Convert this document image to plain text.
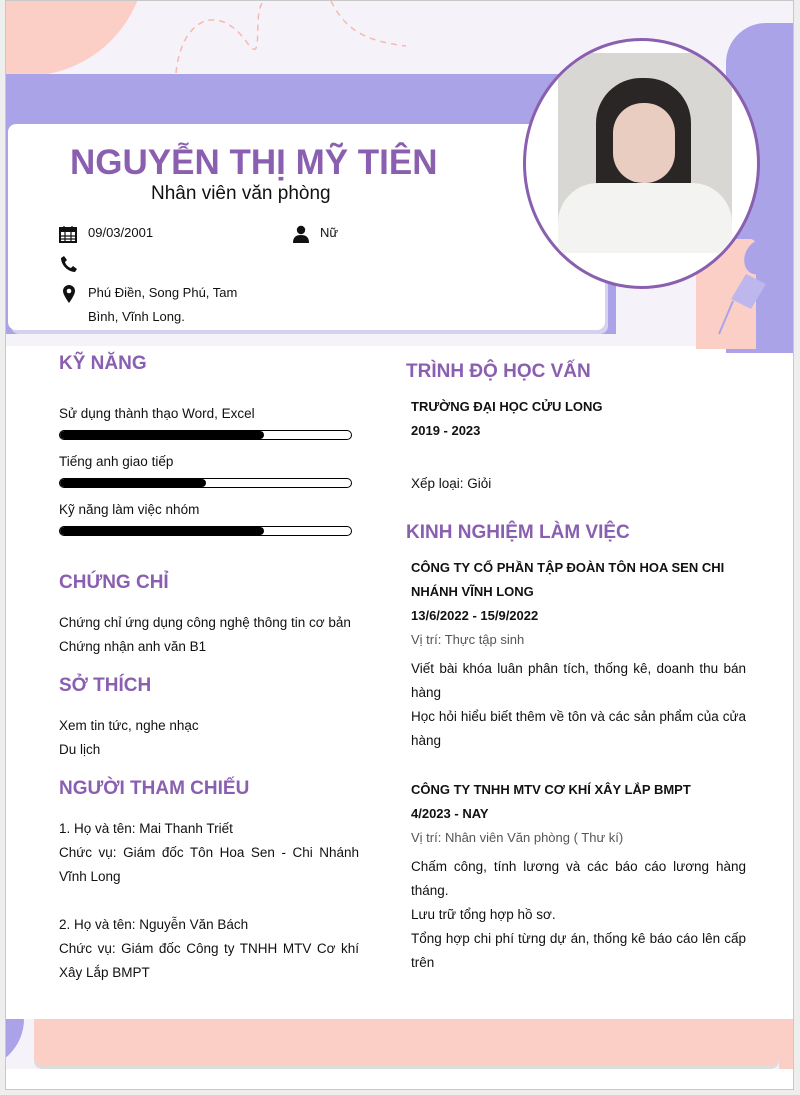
NGUYỄN THỊ MỸ TIÊN
Nhân viên văn phòng
09/03/2001	Nữ
Phú Điền, Song Phú, Tam
Bình, Vĩnh Long.
KỸ NĂNG
Sử dụng thành thạo Word, Excel
Tiếng anh giao tiếp
Kỹ năng làm việc nhóm
CHỨNG CHỈ
Chứng chỉ ứng dụng công nghệ thông tin cơ bản
Chứng nhận anh văn B1
SỞ THÍCH
Xem tin tức, nghe nhạc
Du lịch
NGƯỜI THAM CHIẾU
1. Họ và tên: Mai Thanh Triết
Chức vụ: Giám đốc Tôn Hoa Sen - Chi Nhánh Vĩnh Long
2. Họ và tên: Nguyễn Văn Bách
Chức vụ: Giám đốc Công ty TNHH MTV Cơ khí Xây Lắp BMPT
TRÌNH ĐỘ HỌC VẤN
TRƯỜNG ĐẠI HỌC CỬU LONG
2019 - 2023
Xếp loại: Giỏi
KINH NGHIỆM LÀM VIỆC
CÔNG TY CỔ PHẦN TẬP ĐOÀN TÔN HOA SEN CHI NHÁNH VĨNH LONG
13/6/2022 - 15/9/2022
Vị trí: Thực tập sinh
Viết bài khóa luân phân tích, thống kê, doanh thu bán hàng
Học hỏi hiểu biết thêm về tôn và các sản phẩm của cửa hàng
CÔNG TY TNHH MTV CƠ KHÍ XÂY LẮP BMPT
4/2023 - NAY
Vị trí: Nhân viên Văn phòng ( Thư kí)
Chấm công, tính lương và các báo cáo lương hàng tháng.
Lưu trữ tổng hợp hồ sơ.
Tổng hợp chi phí từng dự án, thống kê báo cáo lên cấp trên
